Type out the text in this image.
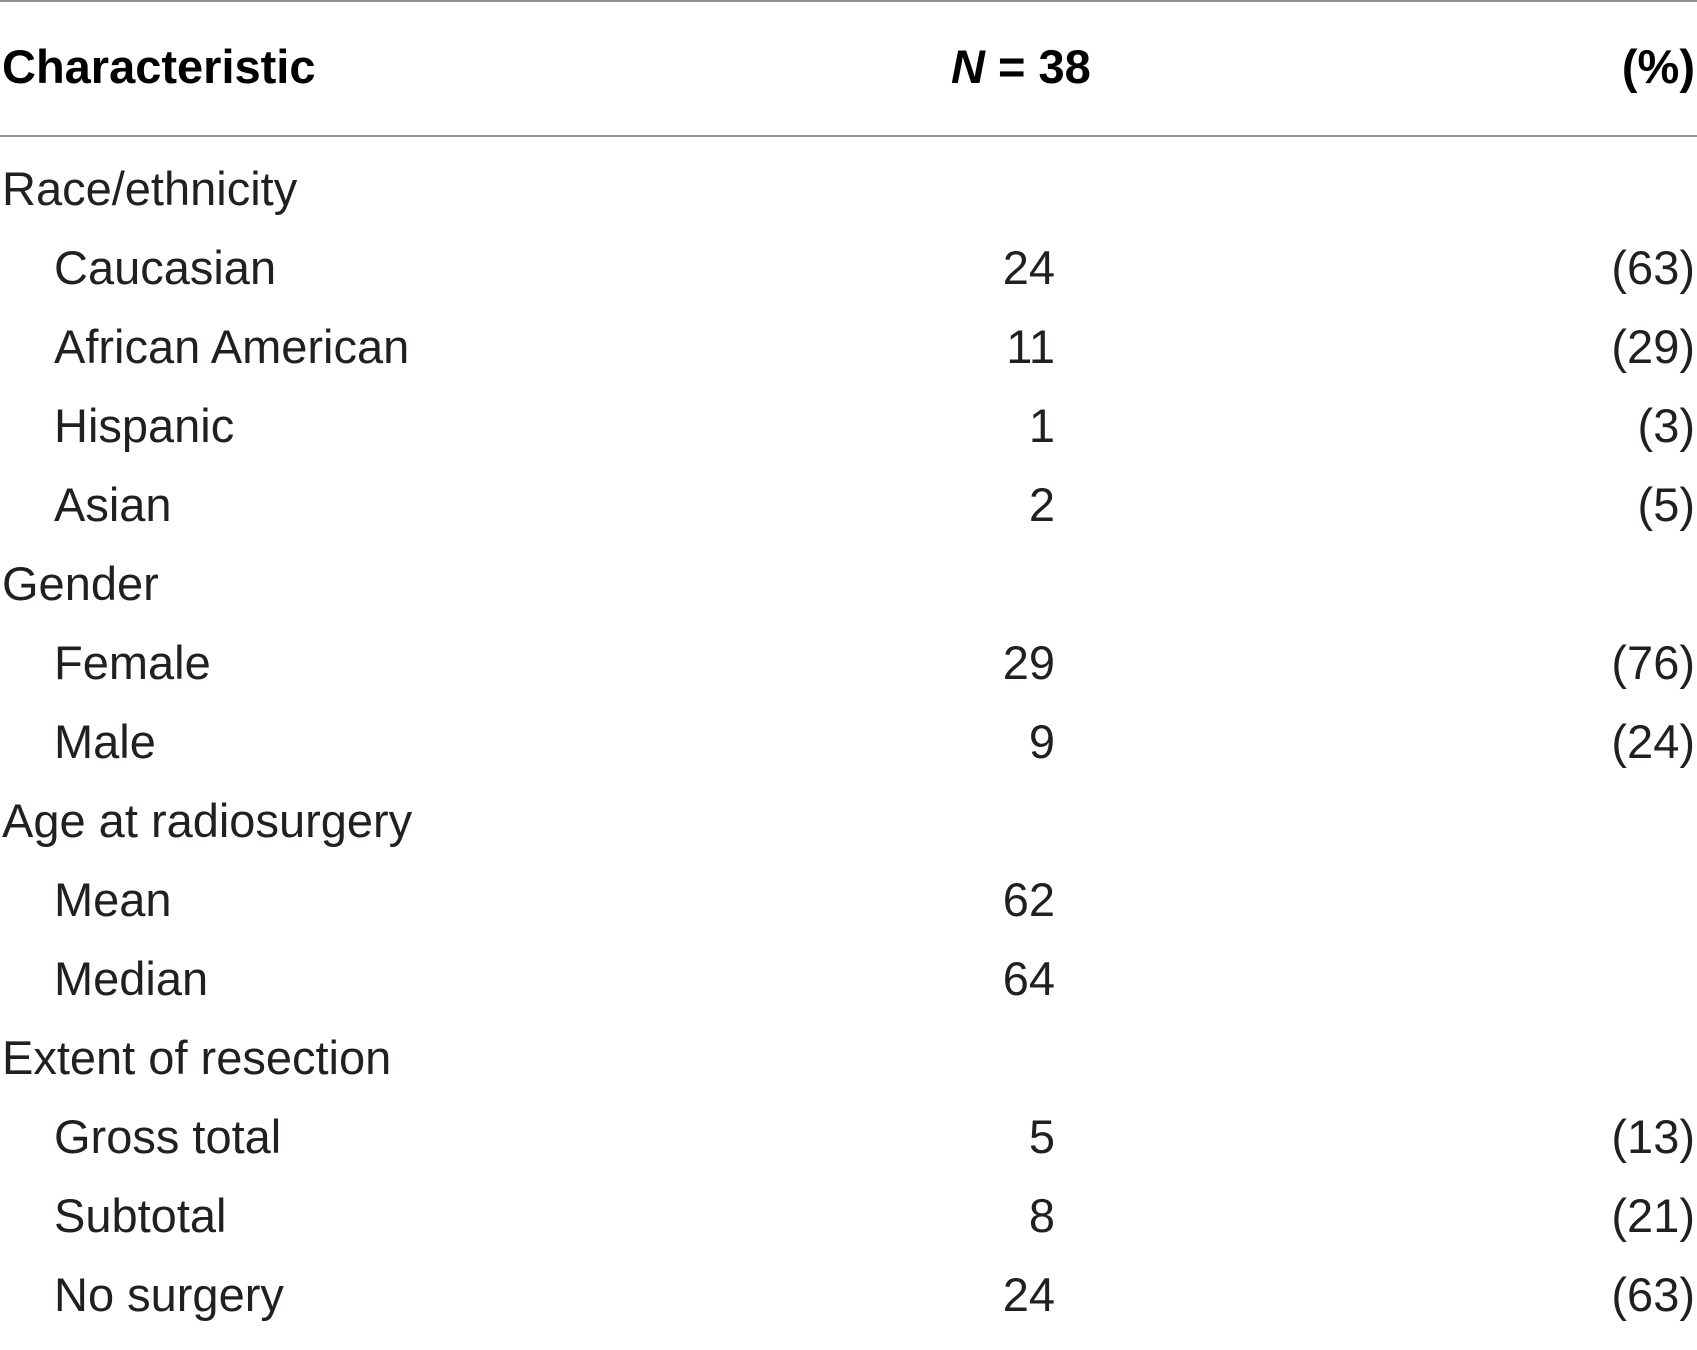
Characteristic	N = 38	(%)
Race/ethnicity
Caucasian	24	(63)
African American	11	(29)
Hispanic	1	(3)
Asian	2	(5)
Gender
Female	29	(76)
Male	9	(24)
Age at radiosurgery
Mean	62
Median	64
Extent of resection
Gross total	5	(13)
Subtotal	8	(21)
No surgery	24	(63)
